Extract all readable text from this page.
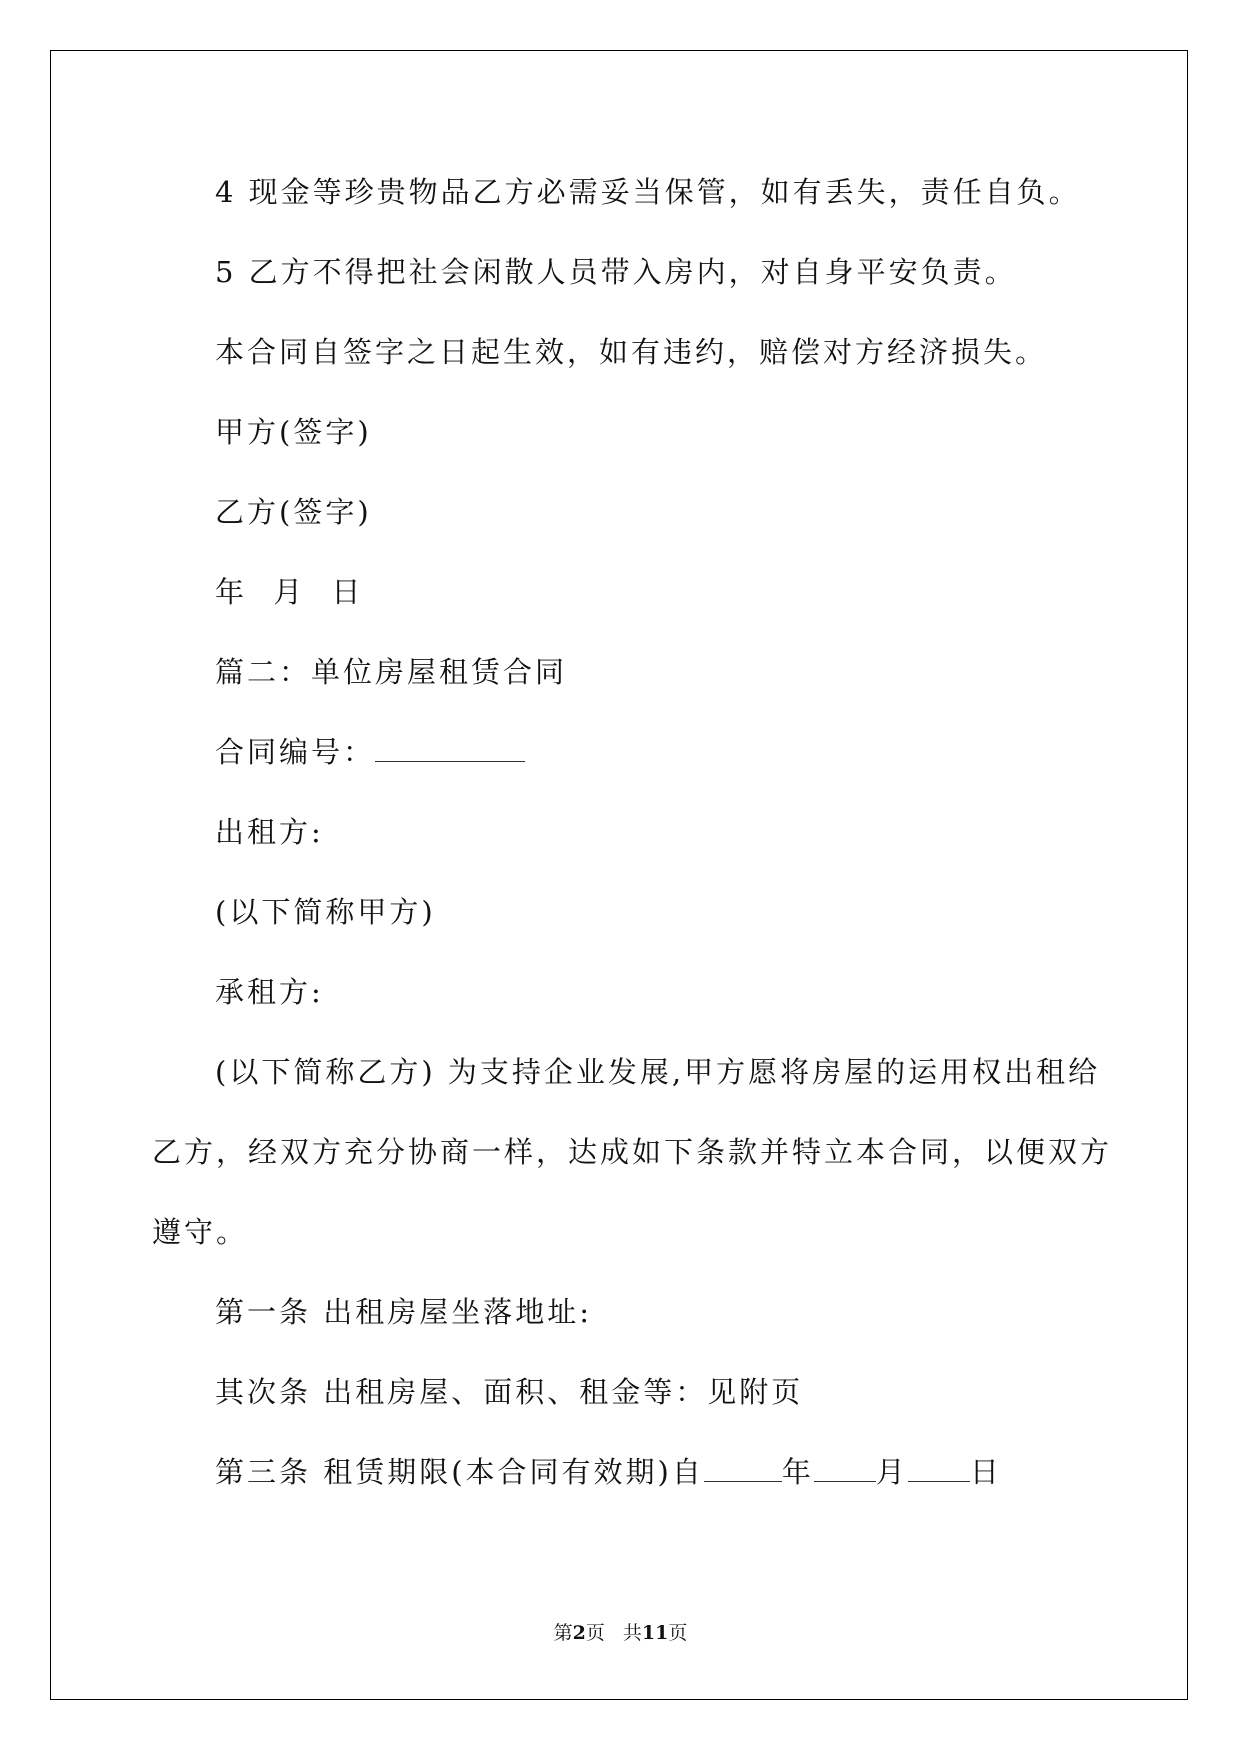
4 现金等珍贵物品乙方必需妥当保管，如有丢失，责任自负。
5 乙方不得把社会闲散人员带入房内，对自身平安负责。
本合同自签字之日起生效，如有违约，赔偿对方经济损失。
甲方(签字)
乙方(签字)
年 月 日
篇二：单位房屋租赁合同
合同编号：
出租方:
(以下简称甲方)
承租方:
(以下简称乙方) 为支持企业发展,甲方愿将房屋的运用权出租给
乙方，经双方充分协商一样，达成如下条款并特立本合同，以便双方
遵守。
第一条 出租房屋坐落地址:
其次条 出租房屋、面积、租金等：见附页
第三条 租赁期限(本合同有效期)自	年 月 日
第2页 共11页
